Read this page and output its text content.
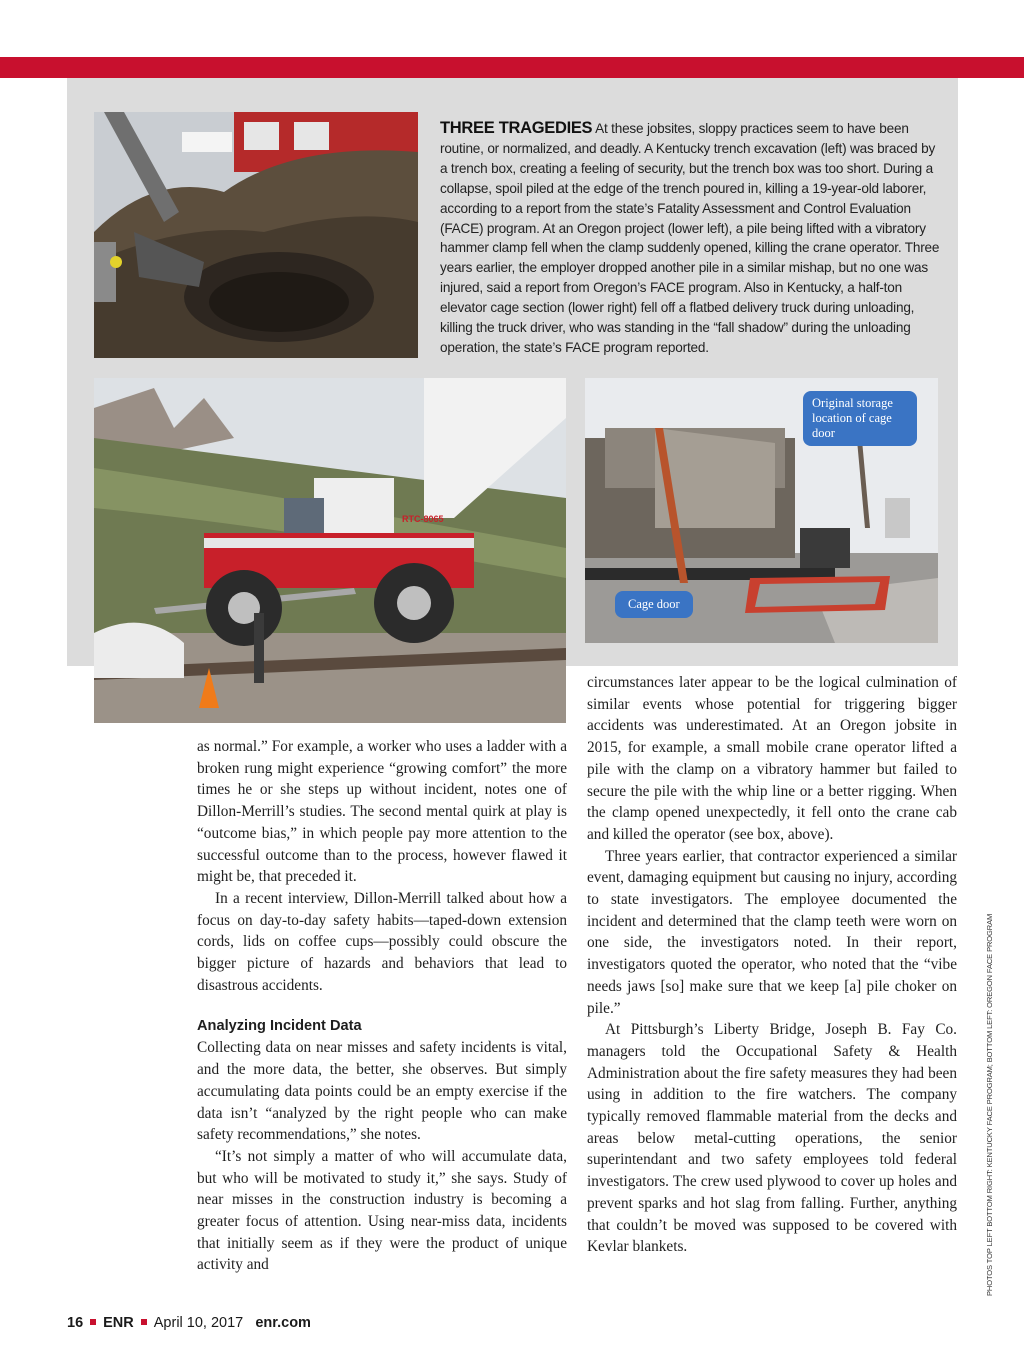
RTC-8065
Original storage location of cage door
Cage door
THREE TRAGEDIES At these jobsites, sloppy practices seem to have been routine, or normalized, and deadly. A Kentucky trench excavation (left) was braced by a trench box, creating a feeling of security, but the trench box was too short. During a collapse, spoil piled at the edge of the trench poured in, killing a 19-year-old laborer, according to a report from the state’s Fatality Assessment and Control Evaluation (FACE) program. At an Oregon project (lower left), a pile being lifted with a vibratory hammer clamp fell when the clamp suddenly opened, killing the crane operator. Three years earlier, the employer dropped another pile in a similar mishap, but no one was injured, said a report from Oregon’s FACE program. Also in Kentucky, a half-ton elevator cage section (lower right) fell off a flatbed delivery truck during unloading, killing the truck driver, who was standing in the “fall shadow” during the unloading operation, the state’s FACE program reported.

as normal.” For example, a worker who uses a ladder with a broken rung might experience “growing comfort” the more times he or she steps up without incident, notes one of Dillon-Merrill’s studies. The second mental quirk at play is “outcome bias,” in which people pay more attention to the successful outcome than to the process, however flawed it might be, that preceded it.

In a recent interview, Dillon-Merrill talked about how a focus on day-to-day safety habits—taped-down extension cords, lids on coffee cups—possibly could obscure the bigger picture of hazards and behaviors that lead to disastrous accidents.

Analyzing Incident Data

Collecting data on near misses and safety incidents is vital, and the more data, the better, she observes. But simply accumulating data points could be an empty exercise if the data isn’t “analyzed by the right people who can make safety recommendations,” she notes.

“It’s not simply a matter of who will accumulate data, but who will be motivated to study it,” she says. Study of near misses in the construction industry is becoming a greater focus of attention. Using near-miss data, incidents that initially seem as if they were the product of unique activity and

circumstances later appear to be the logical culmination of similar events whose potential for triggering bigger accidents was underestimated. At an Oregon jobsite in 2015, for example, a small mobile crane operator lifted a pile with the clamp on a vibratory hammer but failed to secure the pile with the whip line or a better rigging. When the clamp opened unexpectedly, it fell onto the crane cab and killed the operator (see box, above).

Three years earlier, that contractor experienced a similar event, damaging equipment but causing no injury, according to state investigators. The employee documented the incident and determined that the clamp teeth were worn on one side, the investigators noted. In their report, investigators quoted the operator, who noted that the “vibe needs jaws [so] make sure that we keep [a] pile choker on pile.”

At Pittsburgh’s Liberty Bridge, Joseph B. Fay Co. managers told the Occupational Safety & Health Administration about the fire safety measures they had been using in addition to the fire watchers. The company typically removed flammable material from the decks and areas below metal-cutting operations, the senior superintendant and two safety employees told federal investigators. The crew used plywood to cover up holes and prevent sparks and hot slag from falling. Further, anything that couldn’t be moved was supposed to be covered with Kevlar blankets.	PHOTOS TOP LEFT BOTTOM RIGHT: KENTUCKY FACE PROGRAM; BOTTOM LEFT: OREGON FACE PROGRAM
16 ENR April 10, 2017 enr.com
